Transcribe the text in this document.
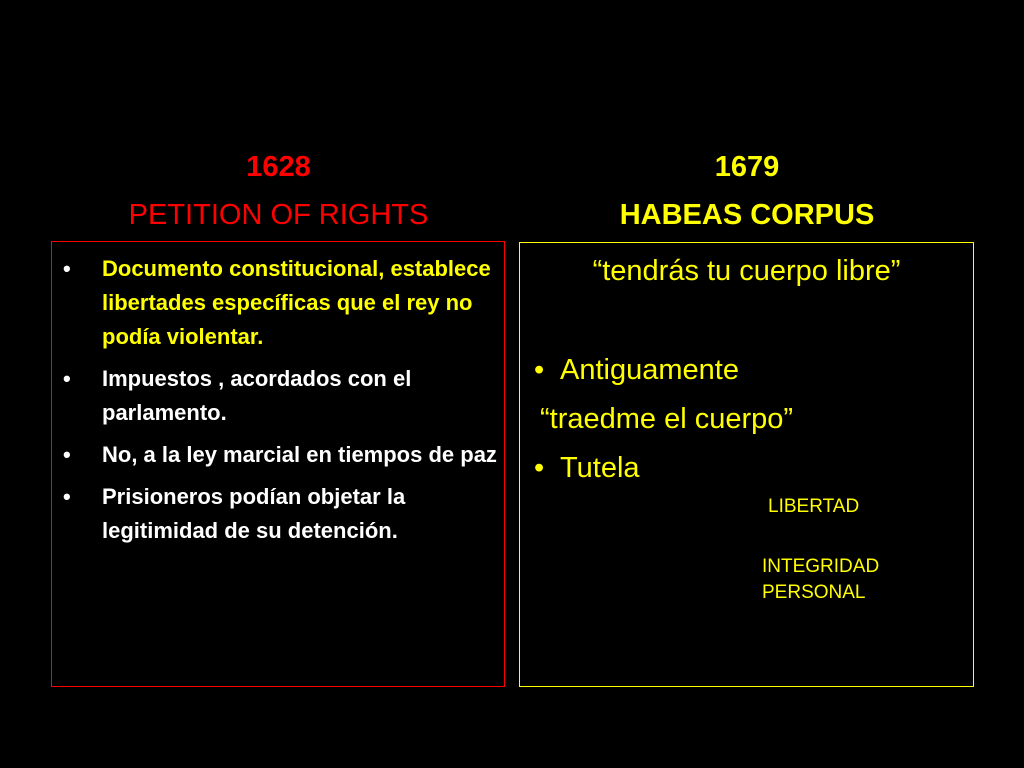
1628
PETITION OF RIGHTS
1679
HABEAS CORPUS
• Documento constitucional, establece libertades específicas que el rey no podía violentar.
• Impuestos , acordados con el parlamento.
• No, a la ley marcial en tiempos de paz
• Prisioneros podían objetar la legitimidad de su detención.
“tendrás tu cuerpo libre”
• Antiguamente
“traedme el cuerpo”
• Tutela
LIBERTAD
INTEGRIDAD
PERSONAL
